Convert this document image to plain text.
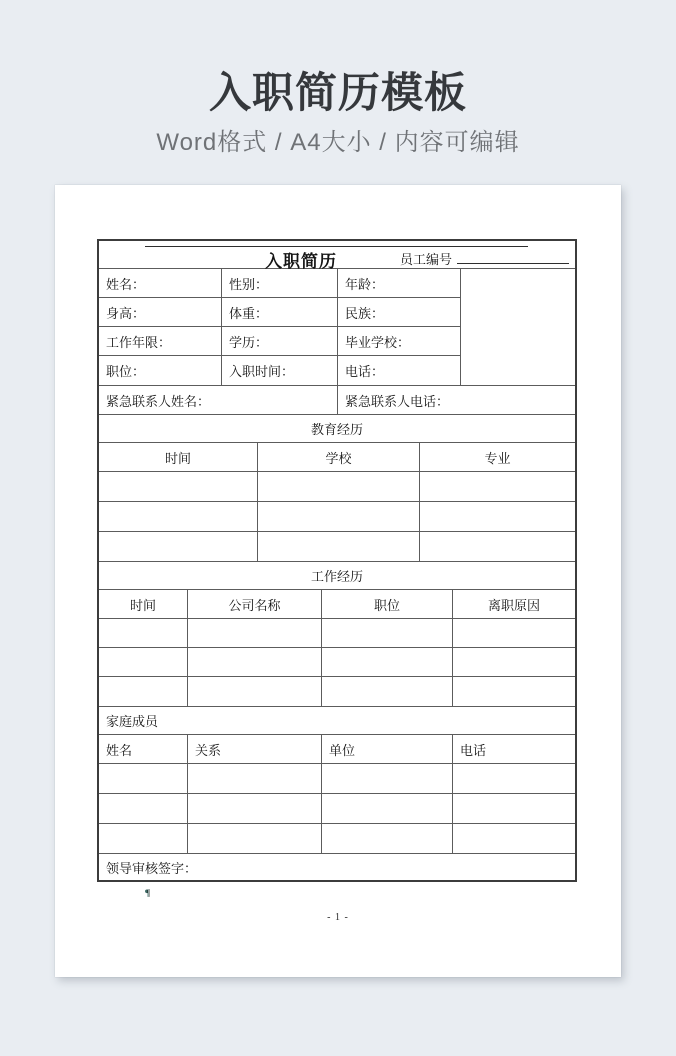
入职简历模板
Word格式 / A4大小 / 内容可编辑
入职简历	员工编号
姓名：	性别：	年龄：
身高：	体重：	民族：
工作年限：	学历：	毕业学校：
职位：	入职时间：	电话：
紧急联系人姓名：	紧急联系人电话：
教育经历
时间	学校	专业
工作经历
时间	公司名称	职位	离职原因
家庭成员
姓名	关系	单位	电话
领导审核签字：
¶
- 1 -
